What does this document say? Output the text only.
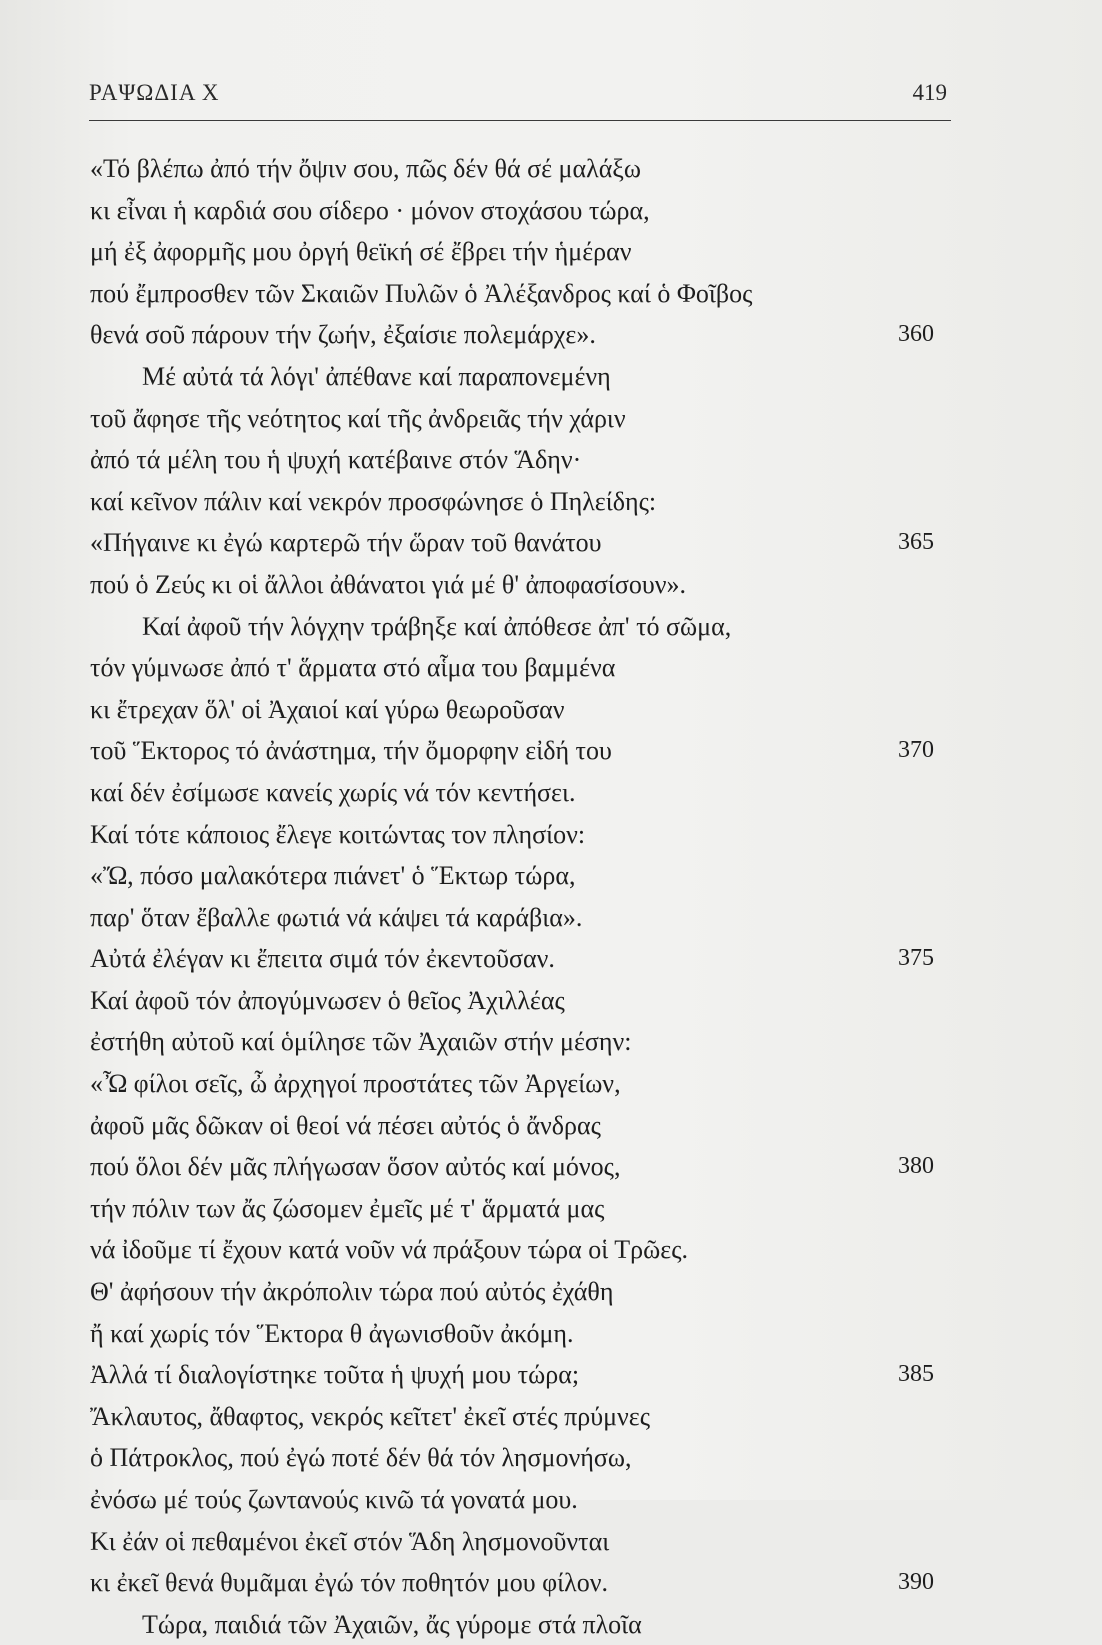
ΡΑΨΩΔΙΑ Χ	419
«Τό βλέπω ἀπό τήν ὄψιν σου, πῶς δέν θά σέ μαλάξω
κι εἶναι ἡ καρδιά σου σίδερο · μόνον στοχάσου τώρα,
μή ἐξ ἀφορμῆς μου ὀργή θεϊκή σέ ἔβρει τήν ἡμέραν
πού ἔμπροσθεν τῶν Σκαιῶν Πυλῶν ὁ Ἀλέξανδρος καί ὁ Φοῖβος
θενά σοῦ πάρουν τήν ζωήν, ἐξαίσιε πολεμάρχε».	360
Μέ αὐτά τά λόγι' ἀπέθανε καί παραπονεμένη
τοῦ ἄφησε τῆς νεότητος καί τῆς ἀνδρειᾶς τήν χάριν
ἀπό τά μέλη του ἡ ψυχή κατέβαινε στόν Ἅδην·
καί κεῖνον πάλιν καί νεκρόν προσφώνησε ὁ Πηλείδης:
«Πήγαινε κι ἐγώ καρτερῶ τήν ὥραν τοῦ θανάτου	365
πού ὁ Ζεύς κι οἱ ἄλλοι ἀθάνατοι γιά μέ θ' ἀποφασίσουν».
Καί ἀφοῦ τήν λόγχην τράβηξε καί ἀπόθεσε ἀπ' τό σῶμα,
τόν γύμνωσε ἀπό τ' ἅρματα στό αἷμα του βαμμένα
κι ἔτρεχαν ὅλ' οἱ Ἀχαιοί καί γύρω θεωροῦσαν
τοῦ Ἕκτορος τό ἀνάστημα, τήν ὄμορφην εἰδή του	370
καί δέν ἐσίμωσε κανείς χωρίς νά τόν κεντήσει.
Καί τότε κάποιος ἔλεγε κοιτώντας τον πλησίον:
«Ὤ, πόσο μαλακότερα πιάνετ' ὁ Ἕκτωρ τώρα,
παρ' ὅταν ἔβαλλε φωτιά νά κάψει τά καράβια».
Αὐτά ἐλέγαν κι ἔπειτα σιμά τόν ἐκεντοῦσαν.	375
Καί ἀφοῦ τόν ἀπογύμνωσεν ὁ θεῖος Ἀχιλλέας
ἐστήθη αὐτοῦ καί ὁμίλησε τῶν Ἀχαιῶν στήν μέσην:
«Ὦ φίλοι σεῖς, ὦ ἀρχηγοί προστάτες τῶν Ἀργείων,
ἀφοῦ μᾶς δῶκαν οἱ θεοί νά πέσει αὐτός ὁ ἄνδρας
πού ὅλοι δέν μᾶς πλήγωσαν ὅσον αὐτός καί μόνος,	380
τήν πόλιν των ἄς ζώσομεν ἐμεῖς μέ τ' ἅρματά μας
νά ἰδοῦμε τί ἔχουν κατά νοῦν νά πράξουν τώρα οἱ Τρῶες.
Θ' ἀφήσουν τήν ἀκρόπολιν τώρα πού αὐτός ἐχάθη
ἤ καί χωρίς τόν Ἕκτορα θ ἀγωνισθοῦν ἀκόμη.
Ἀλλά τί διαλογίστηκε τοῦτα ἡ ψυχή μου τώρα;	385
Ἄκλαυτος, ἄθαφτος, νεκρός κεῖτετ' ἐκεῖ στές πρύμνες
ὁ Πάτροκλος, πού ἐγώ ποτέ δέν θά τόν λησμονήσω,
ἐνόσω μέ τούς ζωντανούς κινῶ τά γονατά μου.
Κι ἐάν οἱ πεθαμένοι ἐκεῖ στόν Ἅδη λησμονοῦνται
κι ἐκεῖ θενά θυμᾶμαι ἐγώ τόν ποθητόν μου φίλον.	390
Τώρα, παιδιά τῶν Ἀχαιῶν, ἄς γύρομε στά πλοῖα
